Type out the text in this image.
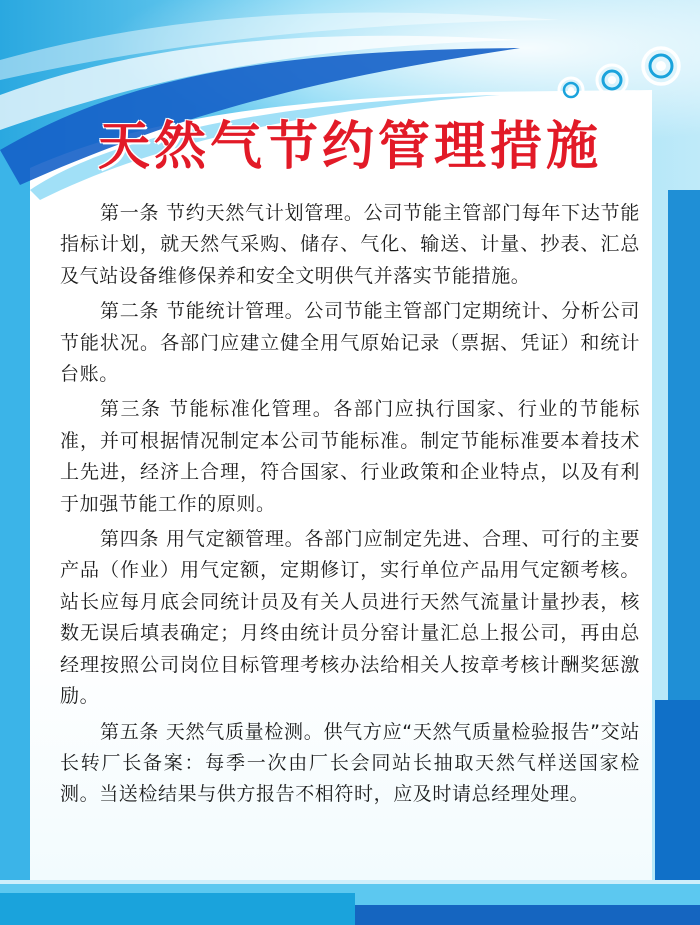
天然气节约管理措施

第一条 节约天然气计划管理。公司节能主管部门每年下达节能指标计划，就天然气采购、储存、气化、输送、计量、抄表、汇总及气站设备维修保养和安全文明供气并落实节能措施。

第二条 节能统计管理。公司节能主管部门定期统计、分析公司节能状况。各部门应建立健全用气原始记录（票据、凭证）和统计台账。

第三条 节能标准化管理。各部门应执行国家、行业的节能标准，并可根据情况制定本公司节能标准。制定节能标准要本着技术上先进，经济上合理，符合国家、行业政策和企业特点，以及有利于加强节能工作的原则。

第四条 用气定额管理。各部门应制定先进、合理、可行的主要产品（作业）用气定额，定期修订，实行单位产品用气定额考核。站长应每月底会同统计员及有关人员进行天然气流量计量抄表，核数无误后填表确定；月终由统计员分窑计量汇总上报公司，再由总经理按照公司岗位目标管理考核办法给相关人按章考核计酬奖惩激励。

第五条 天然气质量检测。供气方应“天然气质量检验报告”交站长转厂长备案：每季一次由厂长会同站长抽取天然气样送国家检测。当送检结果与供方报告不相符时，应及时请总经理处理。
